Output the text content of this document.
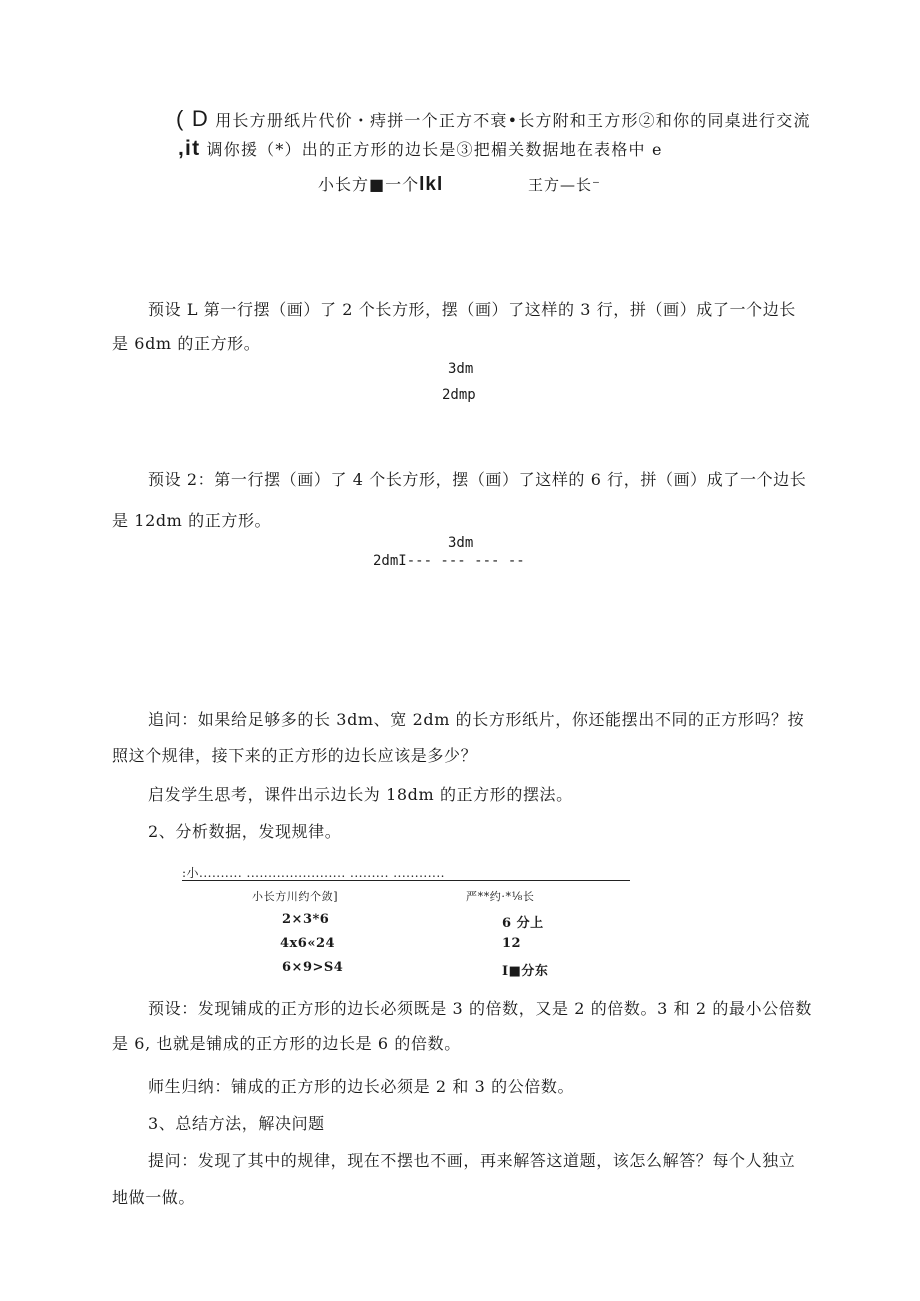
( D 用长方册纸片代价・痔拼一个正方不衰•长方附和王方形②和你的同桌进行交流
,it 调你援（*）出的正方形的边长是③把楣关数据地在表格中 e
小长方■一个lkl	王方—长⁻
预设 L 第一行摆（画）了 2 个长方形，摆（画）了这样的 3 行，拼（画）成了一个边长
是 6dm 的正方形。
3dm
2dmp
预设 2：第一行摆（画）了 4 个长方形，摆（画）了这样的 6 行，拼（画）成了一个边长
是 12dm 的正方形。
3dm
2dmI--- --- --- --
追问：如果给足够多的长 3dm、宽 2dm 的长方形纸片，你还能摆出不同的正方形吗？按
照这个规律，接下来的正方形的边长应该是多少？
启发学生思考，课件出示边长为 18dm 的正方形的摆法。
2、分析数据，发现规律。
:小.......... ....................... ......... ............
小长方川约个敛]	严**约·*⅛长
2×3*6	6 分上
4x6«24	12
6×9>S4	I■分东
预设：发现铺成的正方形的边长必须既是 3 的倍数，又是 2 的倍数。3 和 2 的最小公倍数
是 6, 也就是铺成的正方形的边长是 6 的倍数。
师生归纳：铺成的正方形的边长必须是 2 和 3 的公倍数。
3、总结方法，解决问题
提问：发现了其中的规律，现在不摆也不画，再来解答这道题，该怎么解答？每个人独立
地做一做。
